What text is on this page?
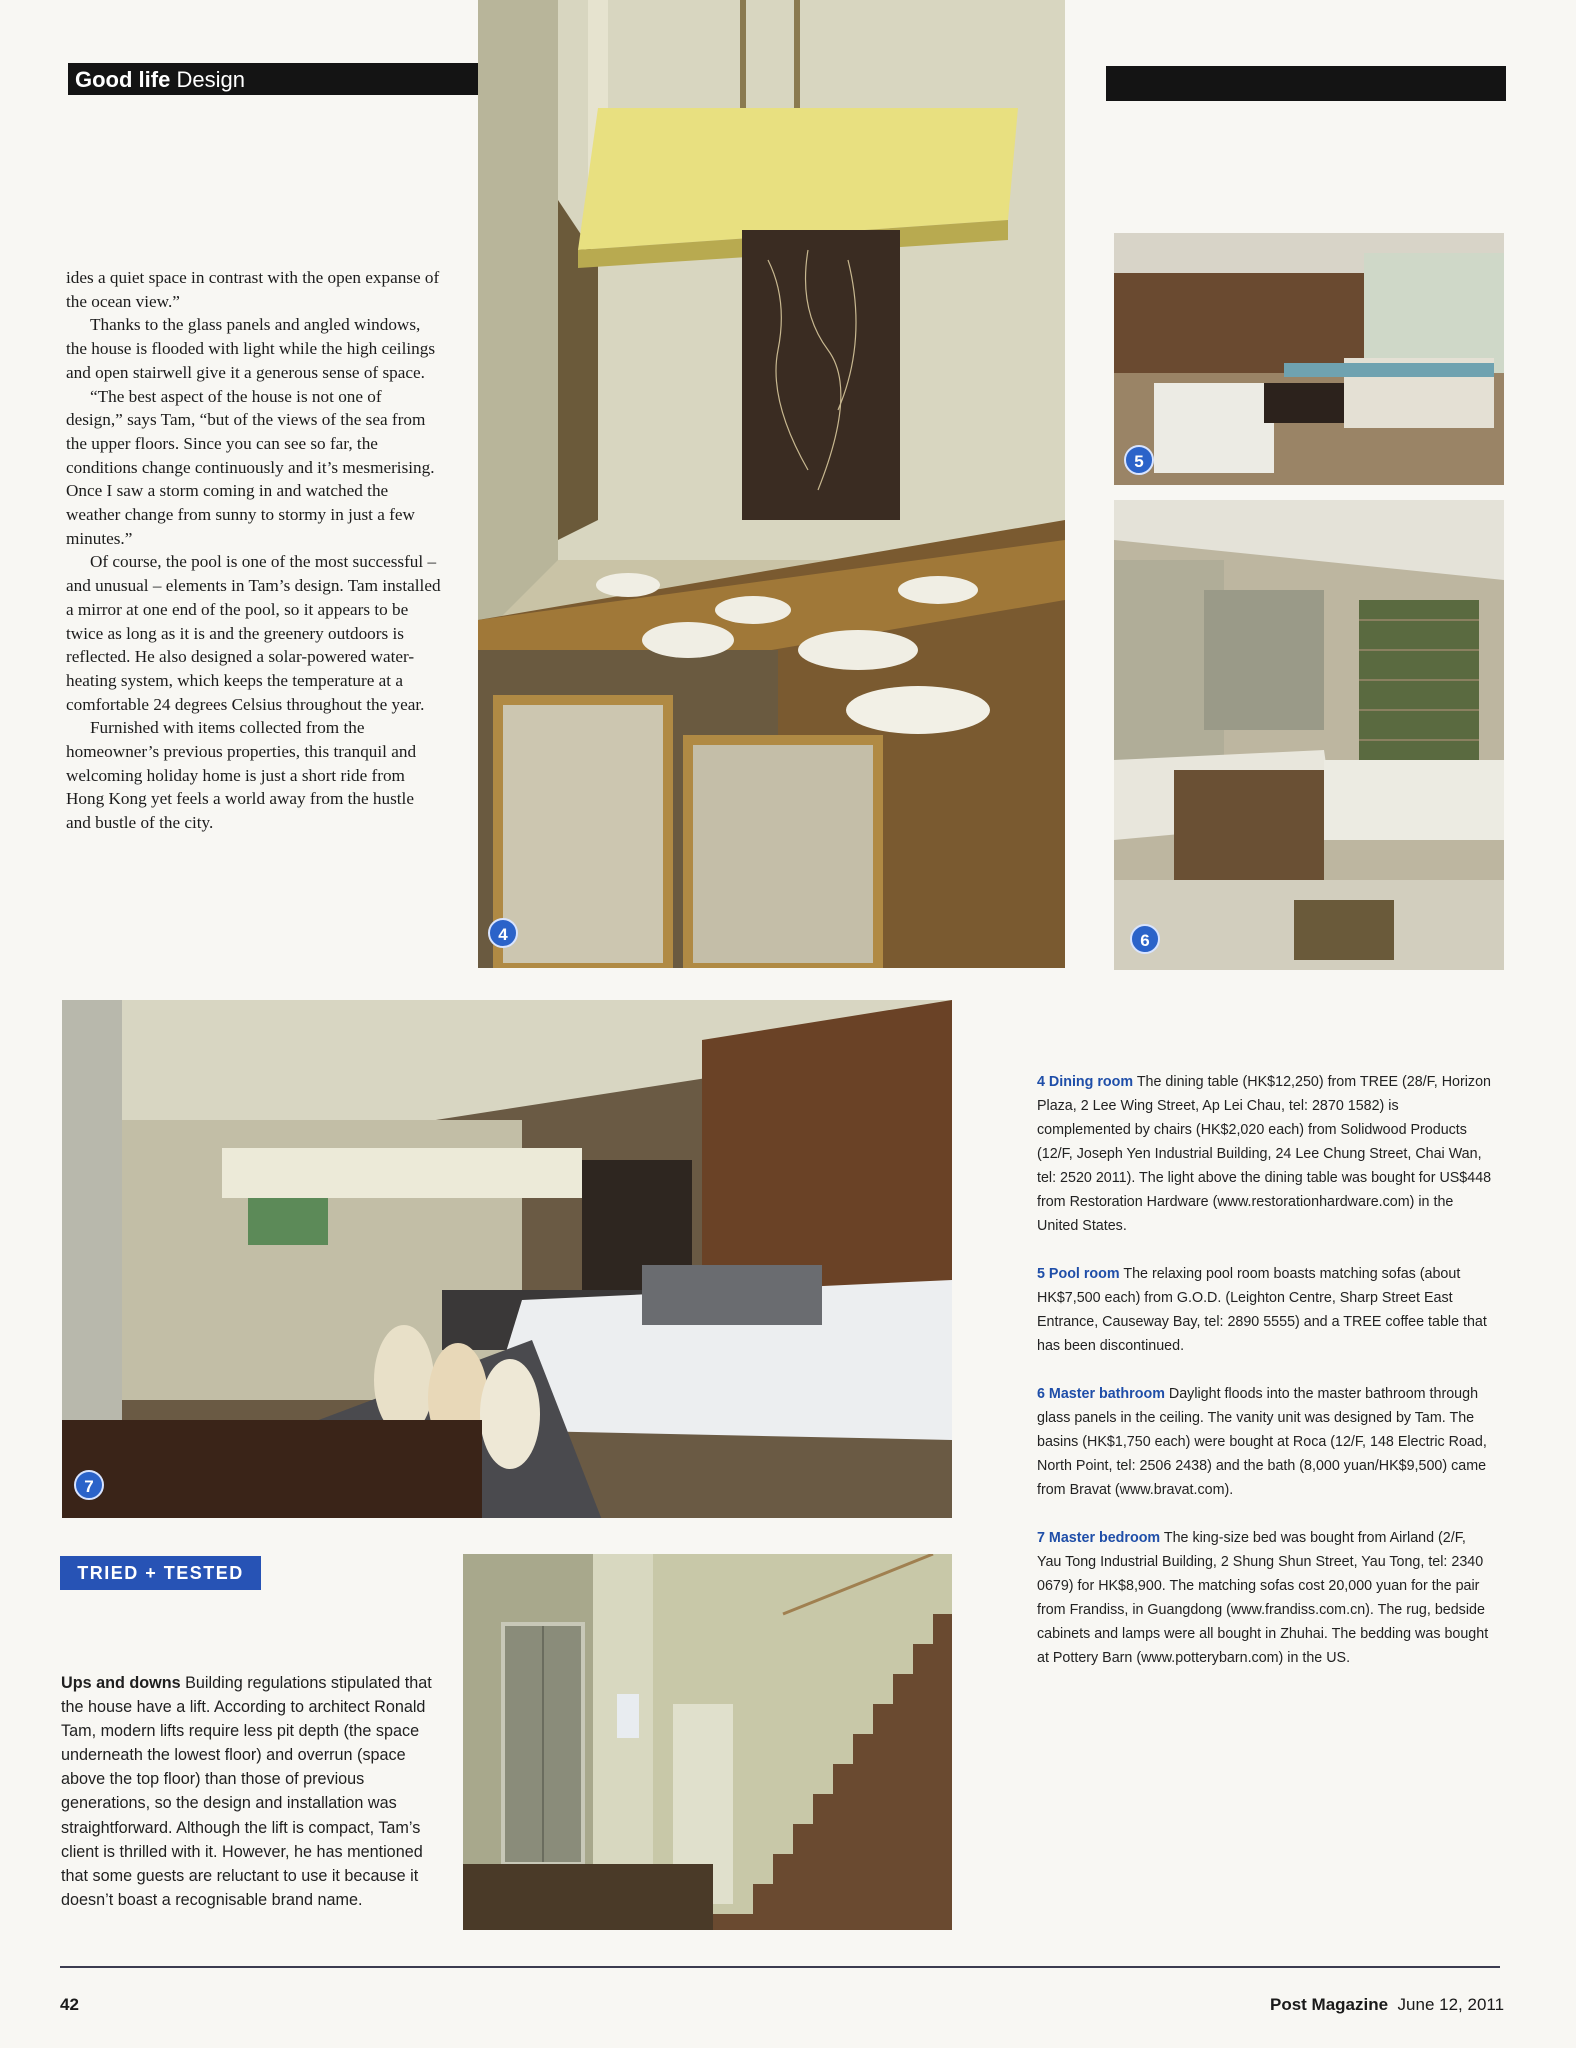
Good life Design

ides a quiet space in contrast with the open expanse of the ocean view.”

Thanks to the glass panels and angled windows, the house is flooded with light while the high ceilings and open stairwell give it a generous sense of space.

“The best aspect of the house is not one of design,” says Tam, “but of the views of the sea from the upper floors. Since you can see so far, the conditions change continuously and it’s mesmerising. Once I saw a storm coming in and watched the weather change from sunny to stormy in just a few minutes.”

Of course, the pool is one of the most successful – and unusual – elements in Tam’s design. Tam installed a mirror at one end of the pool, so it appears to be twice as long as it is and the greenery outdoors is reflected. He also designed a solar-powered water-heating system, which keeps the temperature at a comfortable 24 degrees Celsius throughout the year.

Furnished with items collected from the homeowner’s previous properties, this tranquil and welcoming holiday home is just a short ride from Hong Kong yet feels a world away from the hustle and bustle of the city.

4
5
6
7

4 Dining room The dining table (HK$12,250) from TREE (28/F, Horizon Plaza, 2 Lee Wing Street, Ap Lei Chau, tel: 2870 1582) is complemented by chairs (HK$2,020 each) from Solidwood Products (12/F, Joseph Yen Industrial Building, 24 Lee Chung Street, Chai Wan, tel: 2520 2011). The light above the dining table was bought for US$448 from Restoration Hardware (www.restorationhardware.com) in the United States.

5 Pool room The relaxing pool room boasts matching sofas (about HK$7,500 each) from G.O.D. (Leighton Centre, Sharp Street East Entrance, Causeway Bay, tel: 2890 5555) and a TREE coffee table that has been discontinued.

6 Master bathroom Daylight floods into the master bathroom through glass panels in the ceiling. The vanity unit was designed by Tam. The basins (HK$1,750 each) were bought at Roca (12/F, 148 Electric Road, North Point, tel: 2506 2438) and the bath (8,000 yuan/HK$9,500) came from Bravat (www.bravat.com).

7 Master bedroom The king-size bed was bought from Airland (2/F, Yau Tong Industrial Building, 2 Shung Shun Street, Yau Tong, tel: 2340 0679) for HK$8,900. The matching sofas cost 20,000 yuan for the pair from Frandiss, in Guangdong (www.frandiss.com.cn). The rug, bedside cabinets and lamps were all bought in Zhuhai. The bedding was bought at Pottery Barn (www.potterybarn.com) in the US.

TRIED + TESTED
Ups and downs Building regulations stipulated that the house have a lift. According to architect Ronald Tam, modern lifts require less pit depth (the space underneath the lowest floor) and overrun (space above the top floor) than those of previous generations, so the design and installation was straightforward. Although the lift is compact, Tam’s client is thrilled with it. However, he has mentioned that some guests are reluctant to use it because it doesn’t boast a recognisable brand name.
42	Post Magazine June 12, 2011
